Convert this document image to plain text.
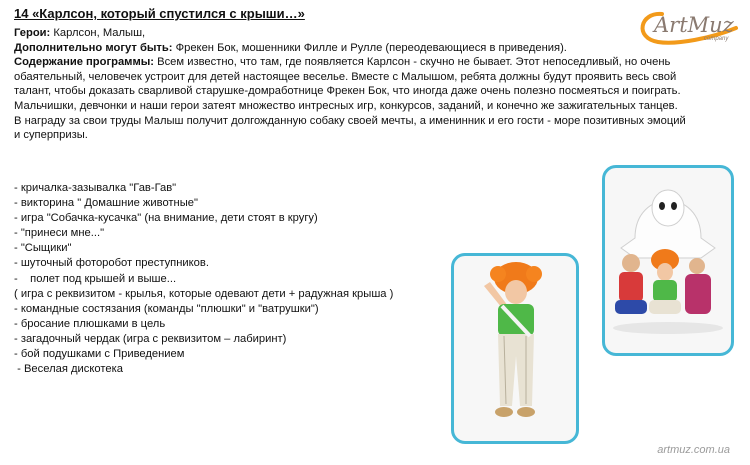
14 «Карлсон, который спустился с крыши…»	ArtMuz
company
Герои: Карлсон, Малыш,
Дополнительно могут быть: Фрекен Бок, мошенники Филле и Рулле (переодевающиеся в приведения).
Содержание программы: Всем известно, что там, где появляется Карлсон - скучно не бывает. Этот непоседливый, но очень
обаятельный, человечек устроит для детей настоящее веселье. Вместе с Малышом, ребята должны будут проявить весь свой
талант, чтобы доказать сварливой старушке-домработнице Фрекен Бок, что иногда даже очень полезно посмеяться и поиграть.
Мальчишки, девчонки и наши герои затеят множество интресных игр, конкурсов, заданий, и конечно же зажигательных танцев.
В награду за свои труды Малыш получит долгожданную собаку своей мечты, а именинник и его гости - море позитивных эмоций
и суперпризы.
- кричалка-зазывалка "Гав-Гав"
- викторина " Домашние животные"
- игра "Собачка-кусачка" (на внимание, дети стоят в кругу)
- "принеси мне..."
- "Сыщики"
- шуточный фоторобот преступников.
-    полет под крышей и выше...
( игра с реквизитом - крылья, которые одевают дети + радужная крыша )
- командные состязания (команды "плюшки" и "ватрушки")
- бросание плюшками в цель
- загадочный чердак (игра с реквизитом – лабиринт)
- бой подушками с Приведением
- Веселая дискотека
artmuz.com.ua
